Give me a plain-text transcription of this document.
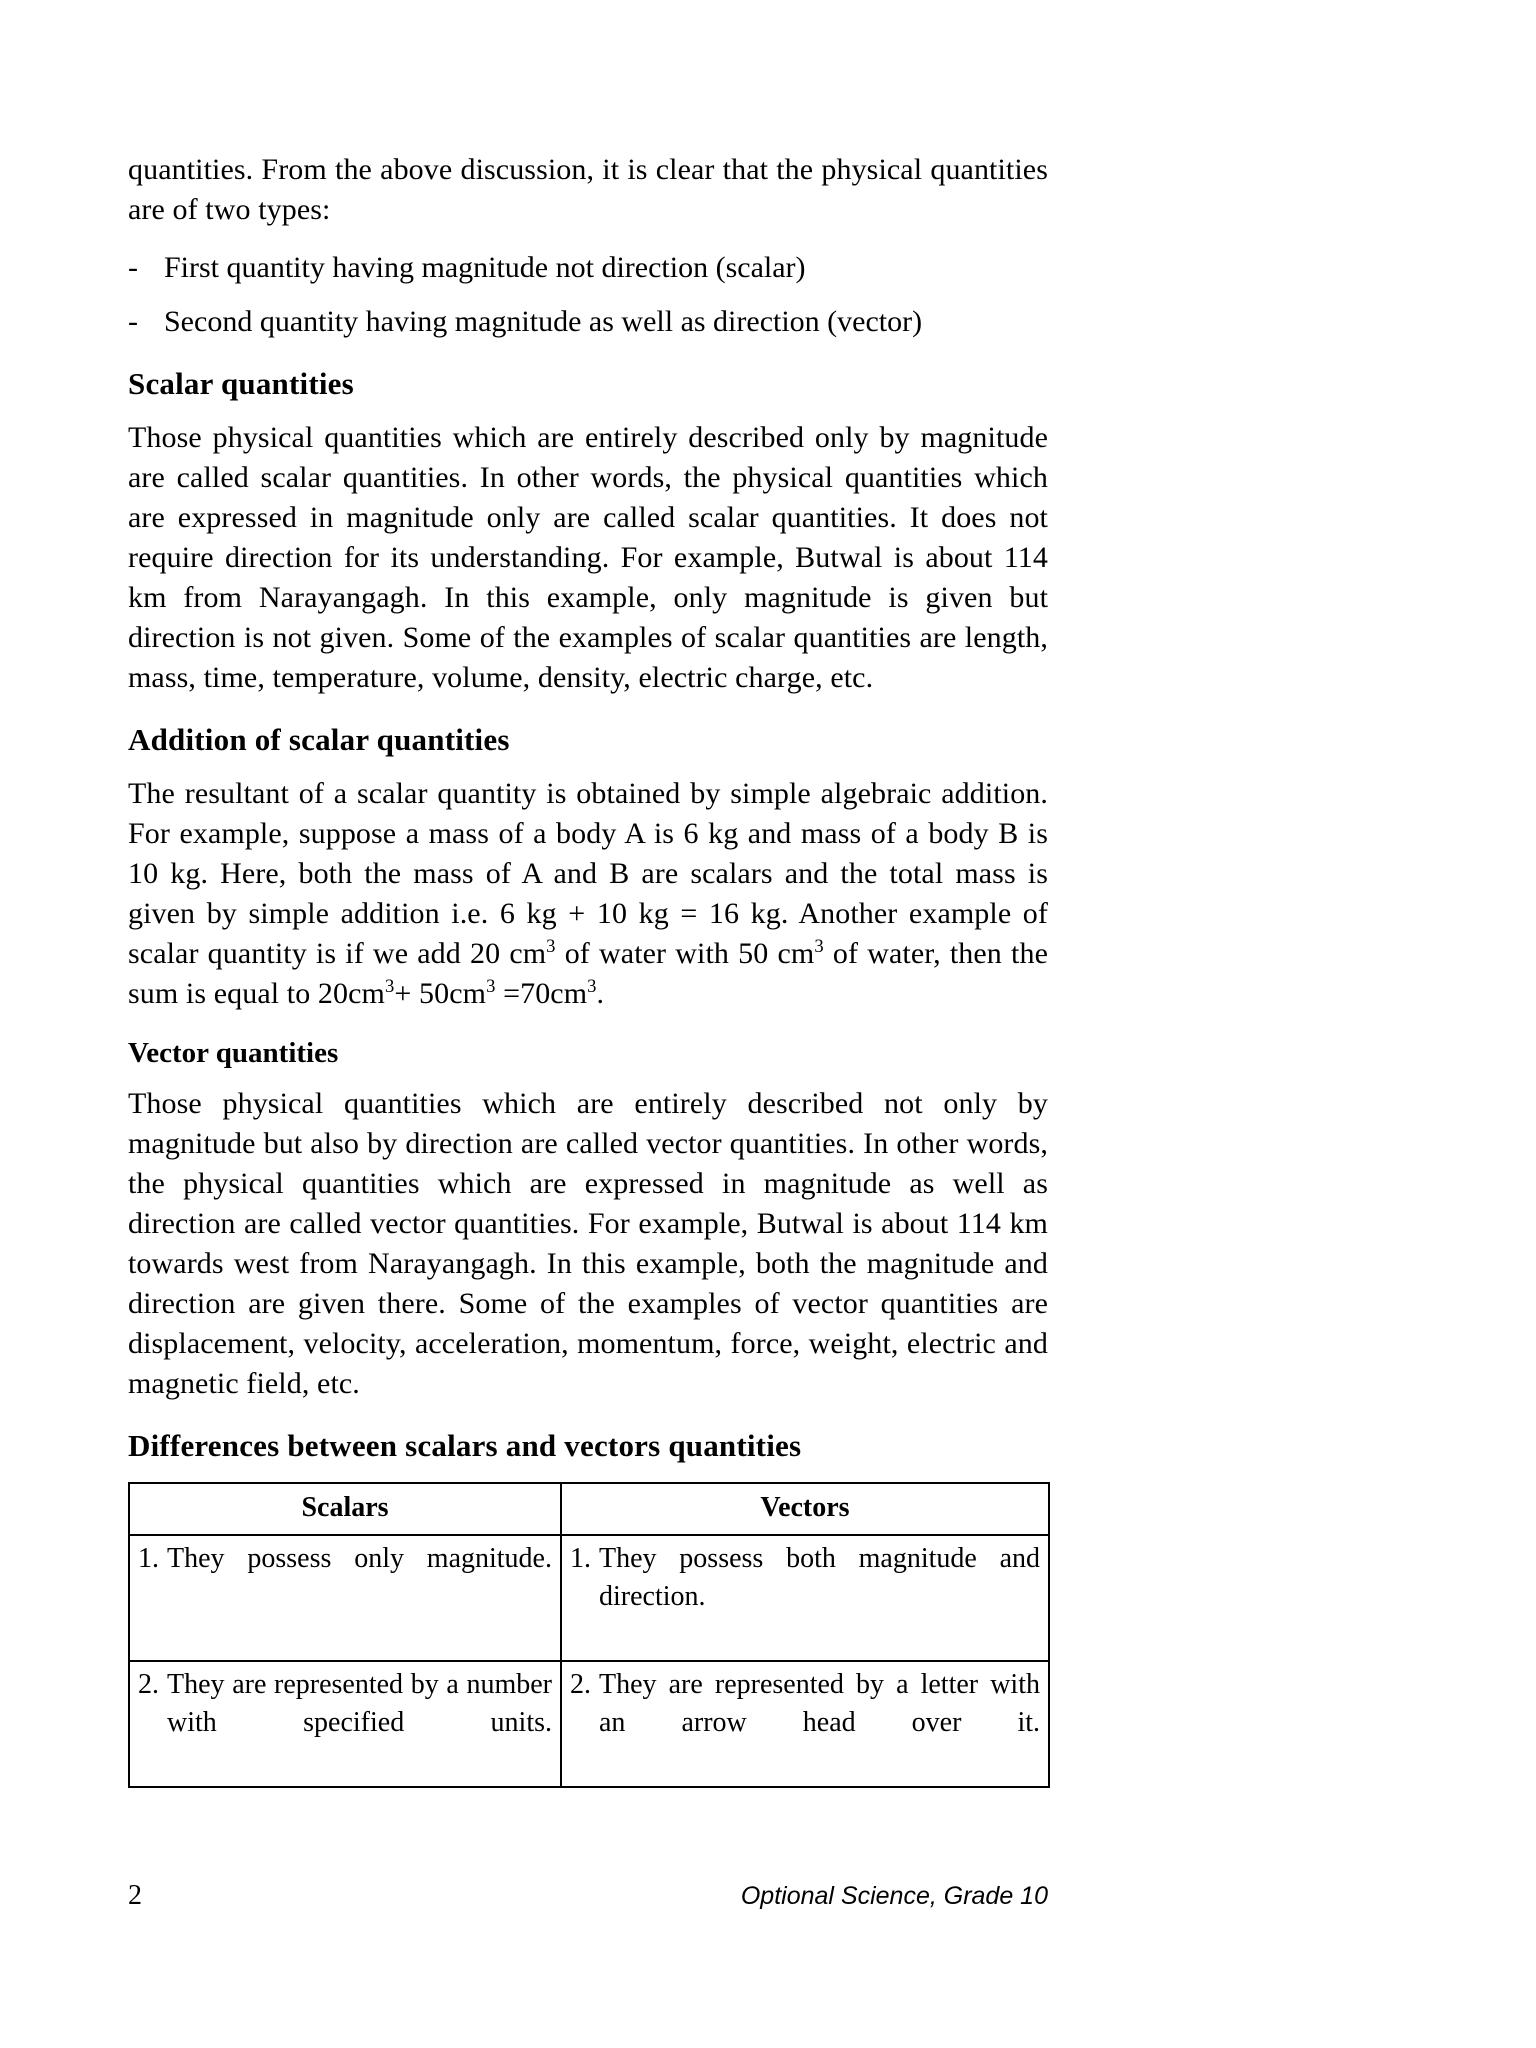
quantities. From the above discussion, it is clear that the physical quantities are of two types:

- First quantity having magnitude not direction (scalar)
- Second quantity having magnitude as well as direction (vector)
Scalar quantities

Those physical quantities which are entirely described only by magnitude are called scalar quantities. In other words, the physical quantities which are expressed in magnitude only are called scalar quantities. It does not require direction for its understanding. For example, Butwal is about 114 km from Narayangagh. In this example, only magnitude is given but direction is not given. Some of the examples of scalar quantities are length, mass, time, temperature, volume, density, electric charge, etc.

Addition of scalar quantities

The resultant of a scalar quantity is obtained by simple algebraic addition. For example, suppose a mass of a body A is 6 kg and mass of a body B is 10 kg. Here, both the mass of A and B are scalars and the total mass is given by simple addition i.e. 6 kg + 10 kg = 16 kg. Another example of scalar quantity is if we add 20 $cm^3$ of water with 50 $cm^3$ of water, then the sum is equal to $20cm^3+ 50cm^3 =70cm^3$.

Vector quantities

Those physical quantities which are entirely described not only by magnitude but also by direction are called vector quantities. In other words, the physical quantities which are expressed in magnitude as well as direction are called vector quantities. For example, Butwal is about 114 km towards west from Narayangagh. In this example, both the magnitude and direction are given there. Some of the examples of vector quantities are displacement, velocity, acceleration, momentum, force, weight, electric and magnetic field, etc.

Differences between scalars and vectors quantities
Scalars	Vectors

1. They possess only magnitude.	1. They possess both magnitude and direction.

2. They are represented by a number with specified units.	2. They are represented by a letter with an arrow head over it.
2	Optional Science, Grade 10
